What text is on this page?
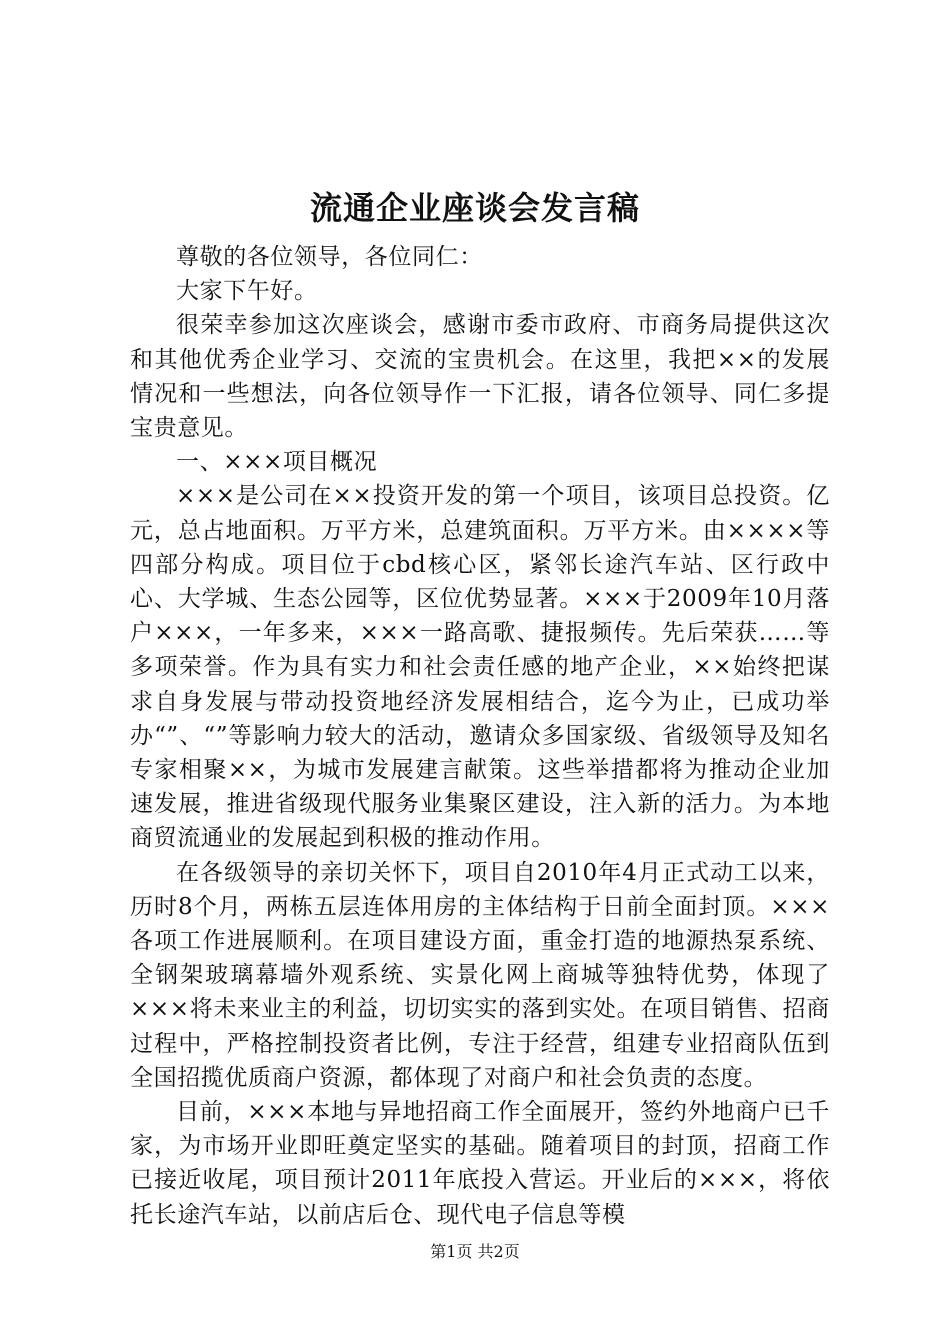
流通企业座谈会发言稿

尊敬的各位领导，各位同仁：

大家下午好。

很荣幸参加这次座谈会，感谢市委市政府、市商务局提供这次和其他优秀企业学习、交流的宝贵机会。在这里，我把××的发展情况和一些想法，向各位领导作一下汇报，请各位领导、同仁多提宝贵意见。

一、×××项目概况

×××是公司在××投资开发的第一个项目，该项目总投资。亿元，总占地面积。万平方米，总建筑面积。万平方米。由××××等四部分构成。项目位于cbd核心区，紧邻长途汽车站、区行政中心、大学城、生态公园等，区位优势显著。×××于2009年10月落户×××，一年多来，×××一路高歌、捷报频传。先后荣获……等多项荣誉。作为具有实力和社会责任感的地产企业，××始终把谋求自身发展与带动投资地经济发展相结合，迄今为止，已成功举办“”、“”等影响力较大的活动，邀请众多国家级、省级领导及知名专家相聚××，为城市发展建言献策。这些举措都将为推动企业加速发展，推进省级现代服务业集聚区建设，注入新的活力。为本地商贸流通业的发展起到积极的推动作用。

在各级领导的亲切关怀下，项目自2010年4月正式动工以来，历时8个月，两栋五层连体用房的主体结构于日前全面封顶。×××各项工作进展顺利。在项目建设方面，重金打造的地源热泵系统、全钢架玻璃幕墙外观系统、实景化网上商城等独特优势，体现了×××将未来业主的利益，切切实实的落到实处。在项目销售、招商过程中，严格控制投资者比例，专注于经营，组建专业招商队伍到全国招揽优质商户资源，都体现了对商户和社会负责的态度。

目前，×××本地与异地招商工作全面展开，签约外地商户已千家，为市场开业即旺奠定坚实的基础。随着项目的封顶，招商工作已接近收尾，项目预计2011年底投入营运。开业后的×××，将依托长途汽车站，以前店后仓、现代电子信息等模

第1页 共2页
